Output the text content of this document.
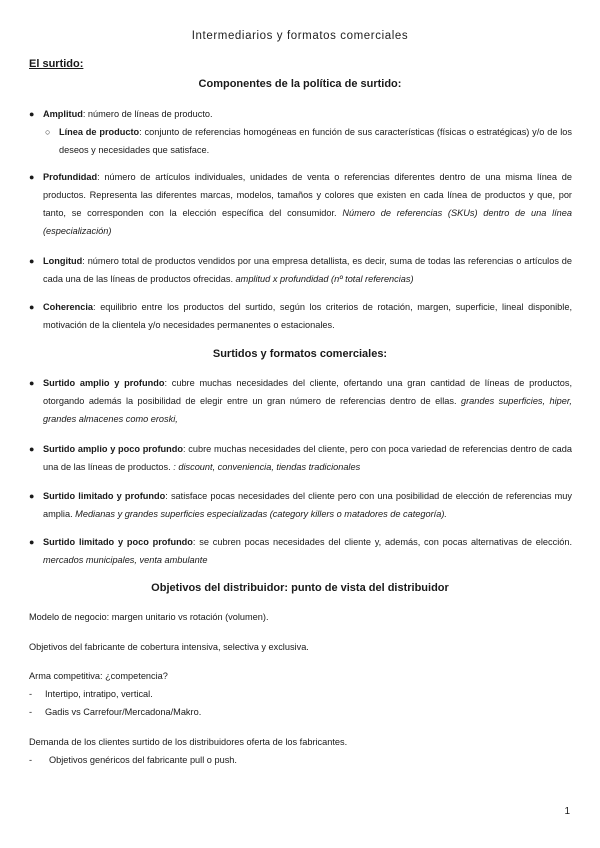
Intermediarios y formatos comerciales
El surtido:
Componentes de la política de surtido:
● Amplitud: número de líneas de producto.
○ Línea de producto: conjunto de referencias homogéneas en función de sus características (físicas o estratégicas) y/o de los deseos y necesidades que satisface.
● Profundidad: número de artículos individuales, unidades de venta o referencias diferentes dentro de una misma línea de productos. Representa las diferentes marcas, modelos, tamaños y colores que existen en cada línea de productos y que, por tanto, se corresponden con la elección específica del consumidor. Número de referencias (SKUs) dentro de una línea (especialización)
● Longitud: número total de productos vendidos por una empresa detallista, es decir, suma de todas las referencias o artículos de cada una de las líneas de productos ofrecidas. amplitud x profundidad (nº total referencias)
● Coherencia: equilibrio entre los productos del surtido, según los criterios de rotación, margen, superficie, lineal disponible, motivación de la clientela y/o necesidades permanentes o estacionales.
Surtidos y formatos comerciales:
● Surtido amplio y profundo: cubre muchas necesidades del cliente, ofertando una gran cantidad de líneas de productos, otorgando además la posibilidad de elegir entre un gran número de referencias dentro de ellas. grandes superficies, hiper, grandes almacenes como eroski,
● Surtido amplio y poco profundo: cubre muchas necesidades del cliente, pero con poca variedad de referencias dentro de cada una de las líneas de productos. : discount, conveniencia, tiendas tradicionales
● Surtido limitado y profundo: satisface pocas necesidades del cliente pero con una posibilidad de elección de referencias muy amplia. Medianas y grandes superficies especializadas (category killers o matadores de categoría).
● Surtido limitado y poco profundo: se cubren pocas necesidades del cliente y, además, con pocas alternativas de elección. mercados municipales, venta ambulante
Objetivos del distribuidor: punto de vista del distribuidor
Modelo de negocio: margen unitario vs rotación (volumen).
Objetivos del fabricante de cobertura intensiva, selectiva y exclusiva.
Arma competitiva: ¿competencia?
- Intertipo, intratipo, vertical.
- Gadis vs Carrefour/Mercadona/Makro.
Demanda de los clientes surtido de los distribuidores oferta de los fabricantes.
- Objetivos genéricos del fabricante pull o push.
1
